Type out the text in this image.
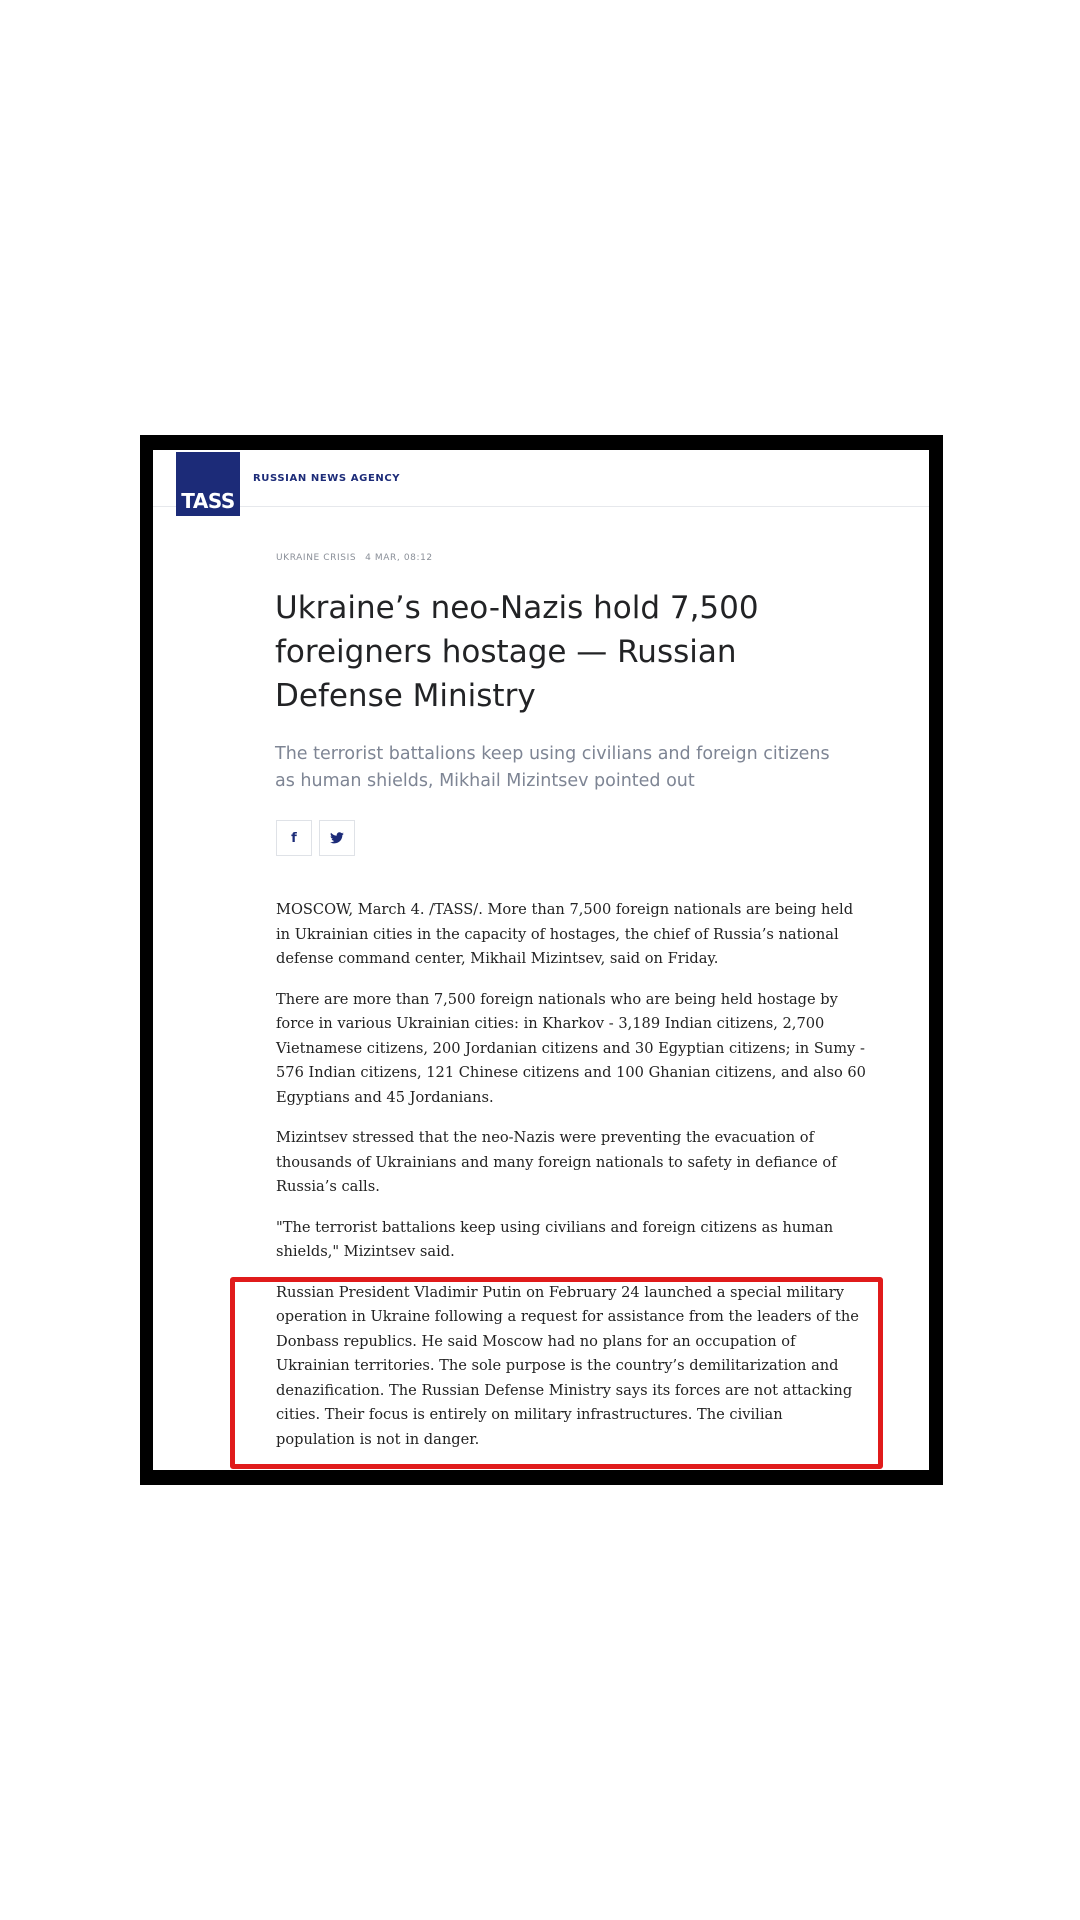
TASS
RUSSIAN NEWS AGENCY
UKRAINE CRISIS 4 MAR, 08:12
Ukraine’s neo-Nazis hold 7,500 foreigners hostage — Russian Defense Ministry

The terrorist battalions keep using civilians and foreign citizens as human shields, Mikhail Mizintsev pointed out

f

MOSCOW, March 4. /TASS/. More than 7,500 foreign nationals are being held in Ukrainian cities in the capacity of hostages, the chief of Russia’s national defense command center, Mikhail Mizintsev, said on Friday.

There are more than 7,500 foreign nationals who are being held hostage by force in various Ukrainian cities: in Kharkov - 3,189 Indian citizens, 2,700 Vietnamese citizens, 200 Jordanian citizens and 30 Egyptian citizens; in Sumy - 576 Indian citizens, 121 Chinese citizens and 100 Ghanian citizens, and also 60 Egyptians and 45 Jordanians.

Mizintsev stressed that the neo-Nazis were preventing the evacuation of thousands of Ukrainians and many foreign nationals to safety in defiance of Russia’s calls.

"The terrorist battalions keep using civilians and foreign citizens as human shields," Mizintsev said.

Russian President Vladimir Putin on February 24 launched a special military operation in Ukraine following a request for assistance from the leaders of the Donbass republics. He said Moscow had no plans for an occupation of Ukrainian territories. The sole purpose is the country’s demilitarization and denazification. The Russian Defense Ministry says its forces are not attacking cities. Their focus is entirely on military infrastructures. The civilian population is not in danger.
